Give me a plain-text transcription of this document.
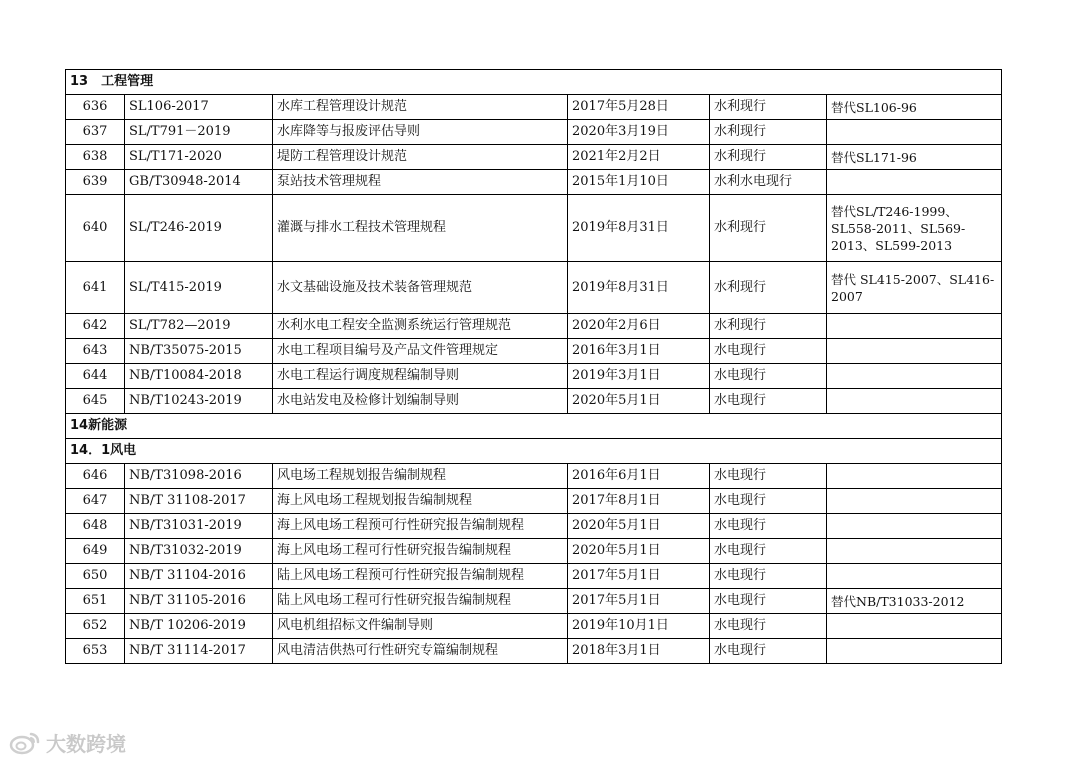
13　工程管理					
636	SL106-2017	水库工程管理设计规范	2017年5月28日	水利现行	替代SL106-96
637	SL/T791－2019	水库降等与报废评估导则	2020年3月19日	水利现行	
638	SL/T171-2020	堤防工程管理设计规范	2021年2月2日	水利现行	替代SL171-96
639	GB/T30948-2014	泵站技术管理规程	2015年1月10日	水利水电现行	
640	SL/T246-2019	灌溉与排水工程技术管理规程	2019年8月31日	水利现行	替代SL/T246-1999、SL558-2011、SL569-2013、SL599-2013
641	SL/T415-2019	水文基础设施及技术装备管理规范	2019年8月31日	水利现行	替代 SL415-2007、SL416-2007
642	SL/T782—2019	水利水电工程安全监测系统运行管理规范	2020年2月6日	水利现行	
643	NB/T35075-2015	水电工程项目编号及产品文件管理规定	2016年3月1日	水电现行	
644	NB/T10084-2018	水电工程运行调度规程编制导则	2019年3月1日	水电现行	
645	NB/T10243-2019	水电站发电及检修计划编制导则	2020年5月1日	水电现行	
14新能源					
14．1风电					
646	NB/T31098-2016	风电场工程规划报告编制规程	2016年6月1日	水电现行	
647	NB/T 31108-2017	海上风电场工程规划报告编制规程	2017年8月1日	水电现行	
648	NB/T31031-2019	海上风电场工程预可行性研究报告编制规程	2020年5月1日	水电现行	
649	NB/T31032-2019	海上风电场工程可行性研究报告编制规程	2020年5月1日	水电现行	
650	NB/T 31104-2016	陆上风电场工程预可行性研究报告编制规程	2017年5月1日	水电现行	
651	NB/T 31105-2016	陆上风电场工程可行性研究报告编制规程	2017年5月1日	水电现行	替代NB/T31033-2012
652	NB/T 10206-2019	风电机组招标文件编制导则	2019年10月1日	水电现行	
653	NB/T 31114-2017	风电清洁供热可行性研究专篇编制规程	2018年3月1日	水电现行	
大数跨境
